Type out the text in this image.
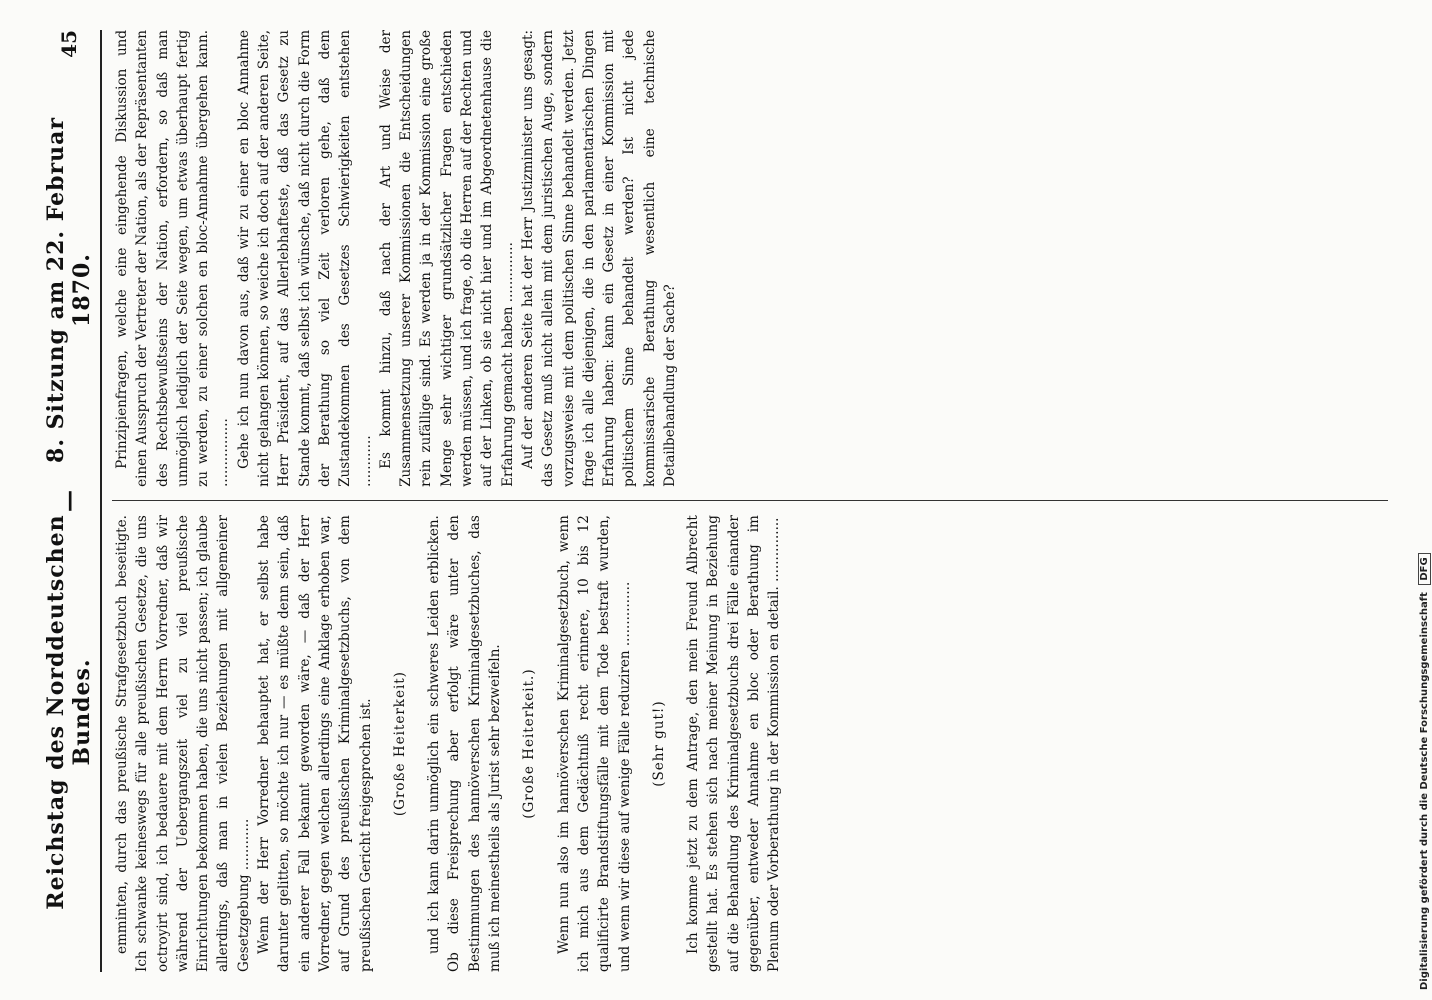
Reichstag des Norddeutschen Bundes.
—
8. Sitzung am 22. Februar 1870.
45

emminten, durch das preußische Strafgesetzbuch beseitigte. Ich schwanke keineswegs für alle preußischen Gesetze, die uns octroyirt sind, ich bedauere mit dem Herrn Vorredner, daß wir während der Uebergangszeit viel zu viel preußische Einrichtungen bekommen haben, die uns nicht passen; ich glaube allerdings, daß man in vielen Beziehungen mit allgemeiner Gesetzgebung ............ Wenn der Herr Vorredner behauptet hat, er selbst habe darunter gelitten, so möchte ich nur — es müßte denn sein, daß ein anderer Fall bekannt geworden wäre, — daß der Herr Vorredner, gegen welchen allerdings eine Anklage erhoben war, auf Grund des preußischen Kriminalgesetzbuchs, von dem preußischen Gericht freigesprochen ist. (Große Heiterkeit) und ich kann darin unmöglich ein schweres Leiden erblicken. Ob diese Freisprechung aber erfolgt wäre unter den Bestimmungen des hannöverschen Kriminalgesetzbuches, das muß ich meinestheils als Jurist sehr bezweifeln. (Große Heiterkeit.) Wenn nun also im hannöverschen Kriminalgesetzbuch, wenn ich mich aus dem Gedächtniß recht erinnere, 10 bis 12 qualificirte Brandstiftungsfälle mit dem Tode bestraft wurden, und wenn wir diese auf wenige Fälle reduziren ............... (Sehr gut!) Ich komme jetzt zu dem Antrage, den mein Freund Albrecht gestellt hat. Es stehen sich nach meiner Meinung in Beziehung auf die Behandlung des Kriminalgesetzbuchs drei Fälle einander gegenüber, entweder Annahme en bloc oder Berathung im Plenum oder Vorberathung in der Kommission en detail. ...............

Prinzipienfragen, welche eine eingehende Diskussion und einen Ausspruch der Vertreter der Nation, als der Repräsentanten des Rechtsbewußtseins der Nation, erfordern, so daß man unmöglich lediglich der Seite wegen, um etwas überhaupt fertig zu werden, zu einer solchen en bloc-Annahme übergehen kann. ................ Gehe ich nun davon aus, daß wir zu einer en bloc Annahme nicht gelangen können, so weiche ich doch auf der anderen Seite, Herr Präsident, auf das Allerlebhafteste, daß das Gesetz zu Stande kommt, daß selbst ich wünsche, daß nicht durch die Form der Berathung so viel Zeit verloren gehe, daß dem Zustandekommen des Gesetzes Schwierigkeiten entstehen ............ Es kommt hinzu, daß nach der Art und Weise der Zusammensetzung unserer Kommissionen die Entscheidungen rein zufällige sind. Es werden ja in der Kommission eine große Menge sehr wichtiger grundsätzlicher Fragen entschieden werden müssen, und ich frage, ob die Herren auf der Rechten und auf der Linken, ob sie nicht hier und im Abgeordnetenhause die Erfahrung gemacht haben .............. Auf der anderen Seite hat der Herr Justizminister uns gesagt: das Gesetz muß nicht allein mit dem juristischen Auge, sondern vorzugsweise mit dem politischen Sinne behandelt werden. Jetzt frage ich alle diejenigen, die in den parlamentarischen Dingen Erfahrung haben: kann ein Gesetz in einer Kommission mit politischem Sinne behandelt werden? Ist nicht jede kommissarische Berathung wesentlich eine technische Detailbehandlung der Sache?

Digitalisierung gefördert durch die Deutsche Forschungsgemeinschaft DFG
